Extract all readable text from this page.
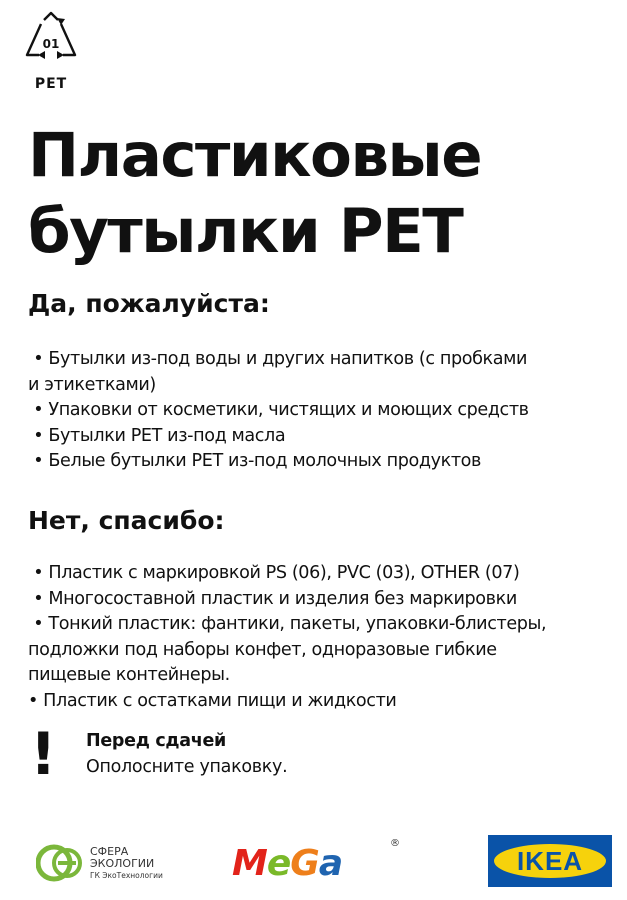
01
PET
Пластиковые
бутылки PET
Да, пожалуйста:
• Бутылки из-под воды и других напитков (с пробками
и этикетками)
• Упаковки от косметики, чистящих и моющих средств
• Бутылки PET из-под масла
• Белые бутылки PET из-под молочных продуктов
Нет, спасибо:
• Пластик с маркировкой PS (06), PVC (03), OTHER (07)
• Многосоставной пластик и изделия без маркировки
• Тонкий пластик: фантики, пакеты, упаковки-блистеры,
подложки под наборы конфет, одноразовые гибкие
пищевые контейнеры.
• Пластик с остатками пищи и жидкости
! Перед сдачей
Ополосните упаковку.
СФЕРА
ЭКОЛОГИИ
ГК ЭкоТехнологии MeGa	®
IKEA
